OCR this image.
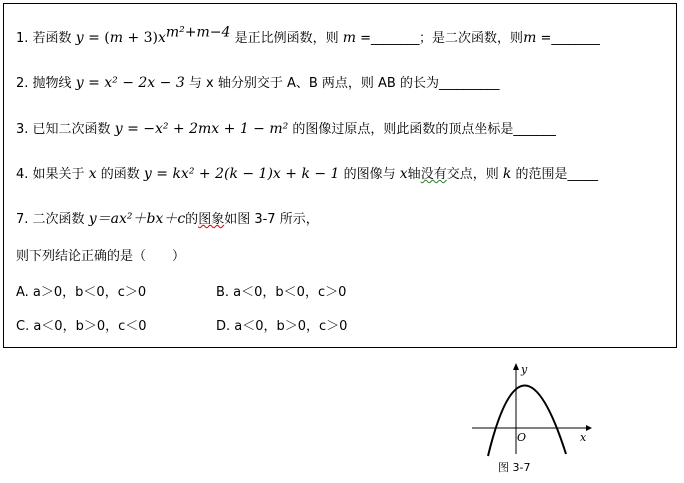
1. 若函数 $y = (m + 3)x^{m^2+m-4}$ 是正比例函数，则 m =________；是二次函数，则m =________
2. 抛物线 y = x² − 2x − 3 与 x 轴分别交于 A、B 两点，则 AB 的长为__________
3. 已知二次函数 y = −x² + 2mx + 1 − m² 的图像过原点，则此函数的顶点坐标是_______
4. 如果关于 x 的函数 y = kx² + 2(k − 1)x + k − 1 的图像与 x轴没有交点，则 k 的范围是_____
7. 二次函数 y＝ax²＋bx＋c的图象如图 3-7 所示，
则下列结论正确的是（　　）
A. a＞0，b＜0，c＞0	B. a＜0，b＜0，c＞0
C. a＜0，b＞0，c＜0	D. a＜0，b＞0，c＞0
y
x
O
图 3-7
